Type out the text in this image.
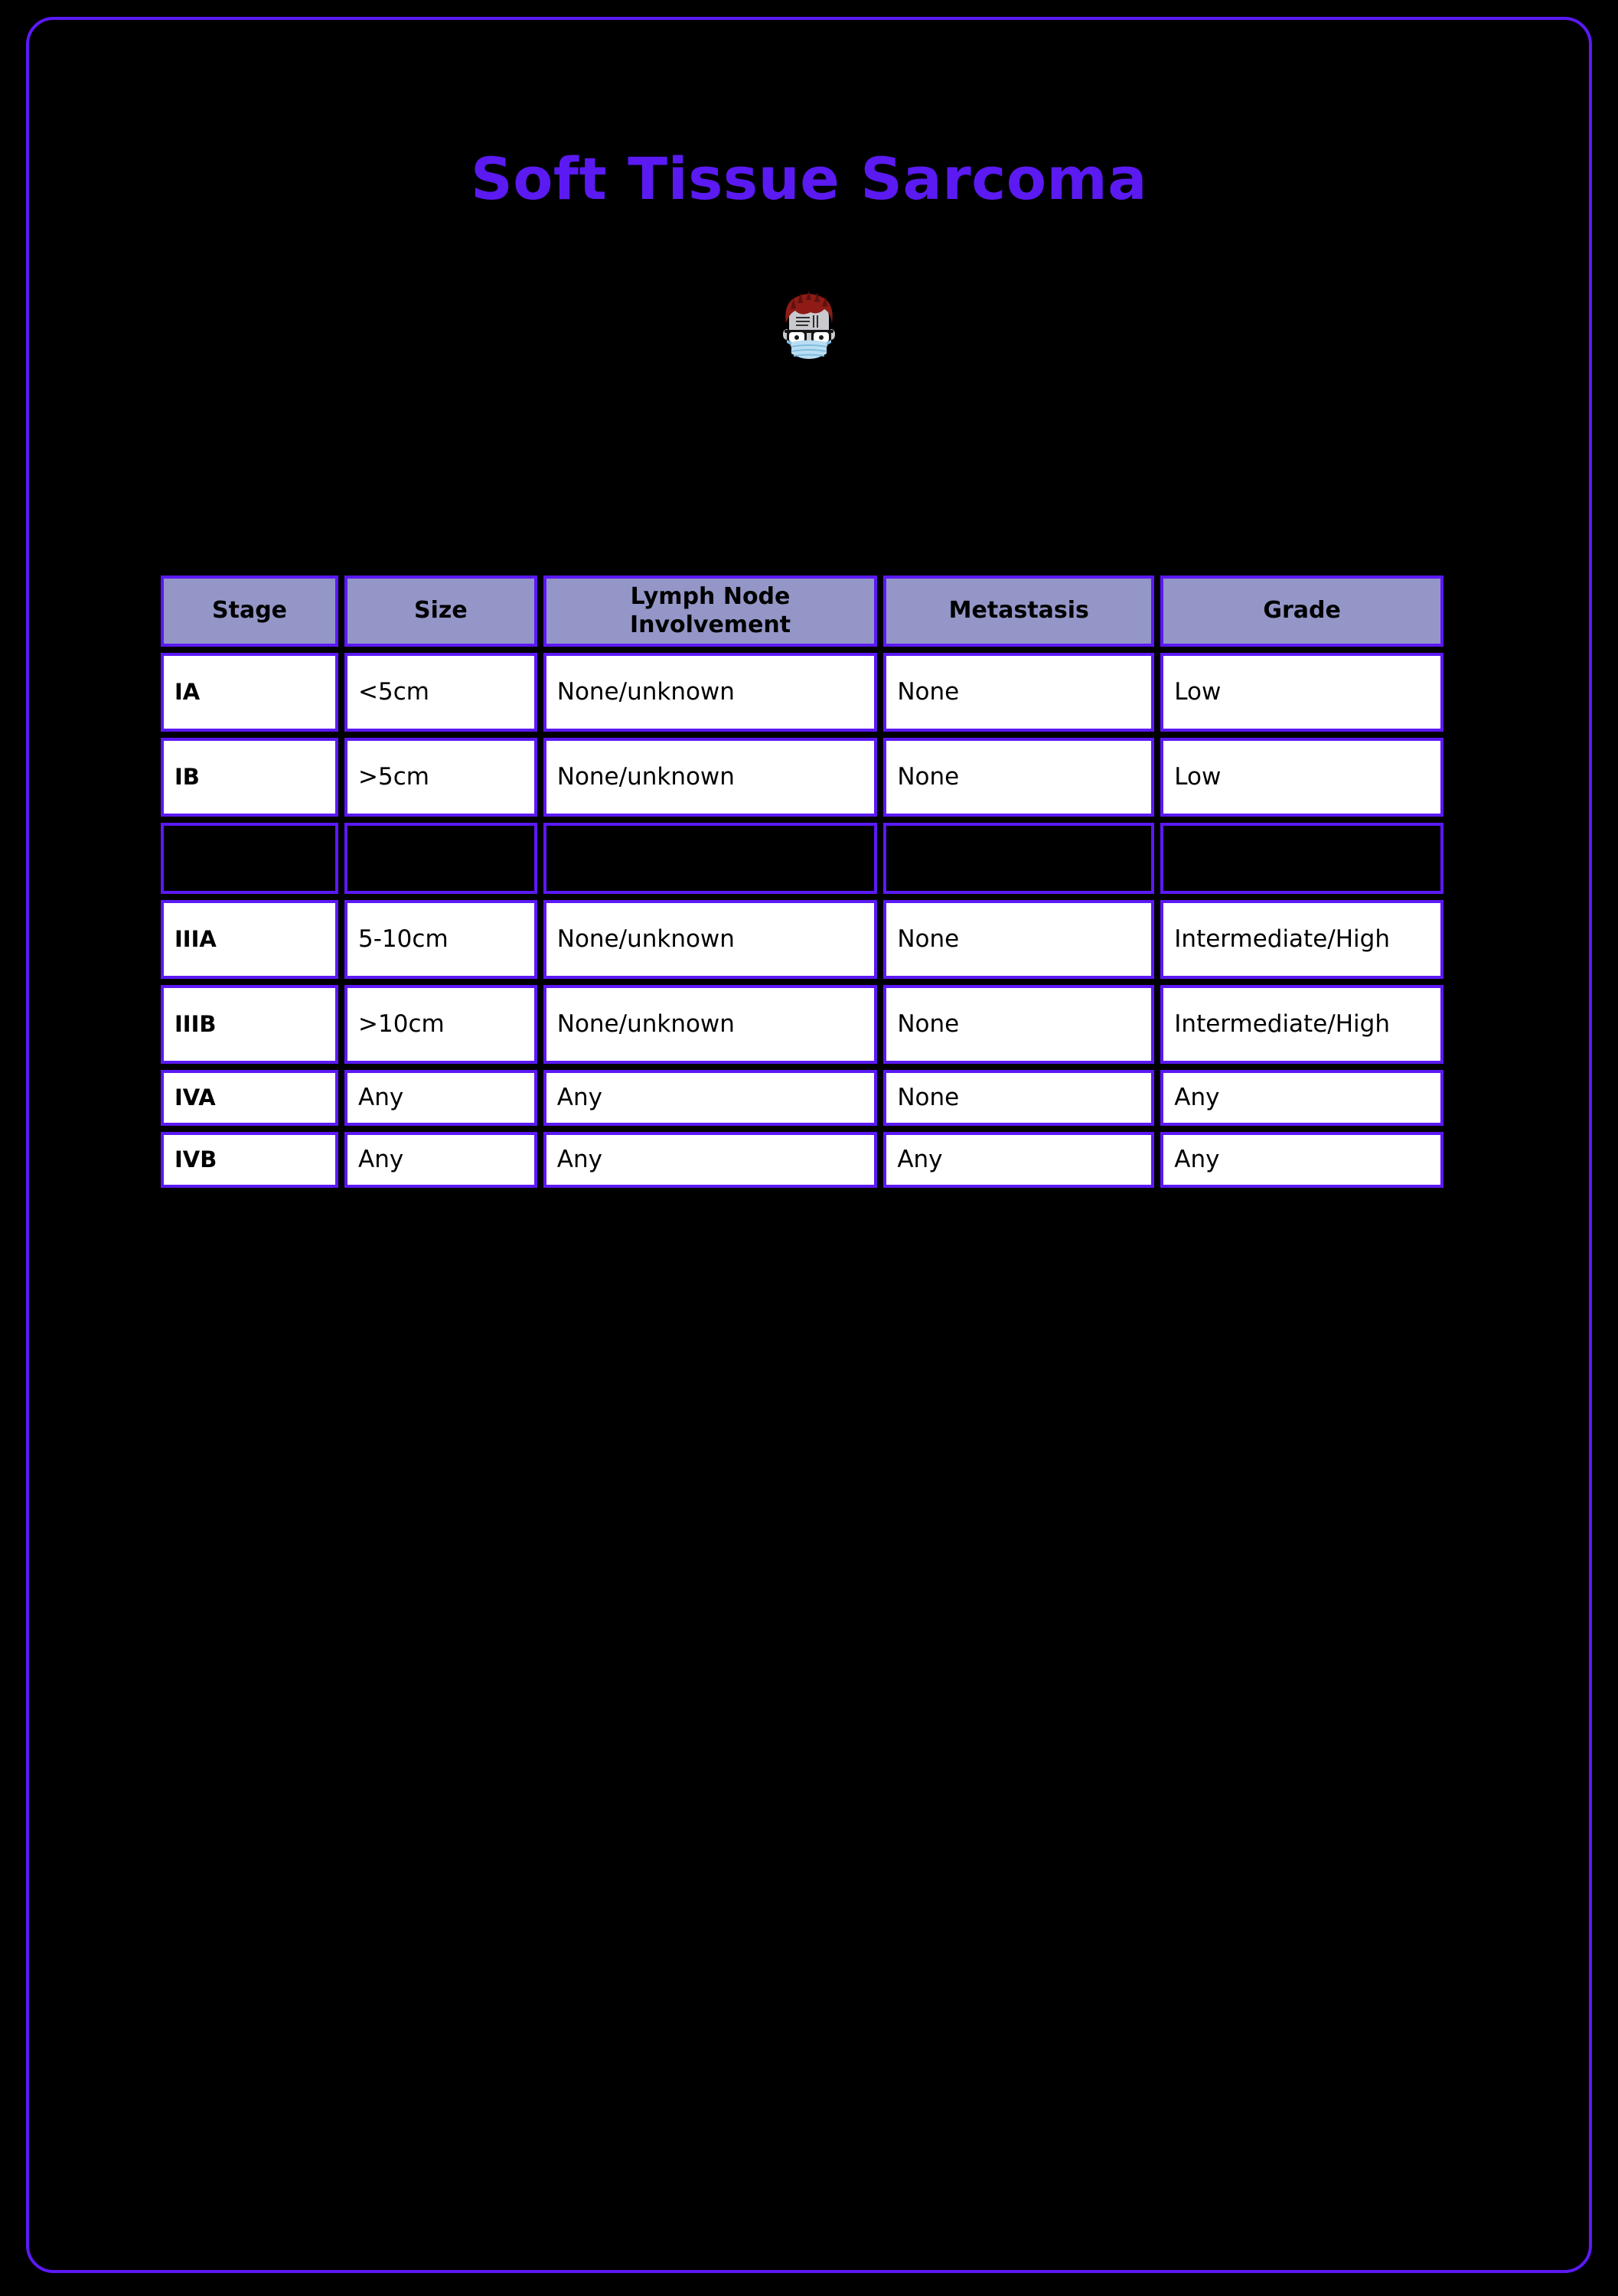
Soft Tissue Sarcoma
Stage	Size	Lymph Node Involvement	Metastasis	Grade
IA	<5cm	None/unknown	None	Low
IB	>5cm	None/unknown	None	Low

IIIA	5-10cm	None/unknown	None	Intermediate/High
IIIB	>10cm	None/unknown	None	Intermediate/High
IVA	Any	Any	None	Any
IVB	Any	Any	Any	Any
